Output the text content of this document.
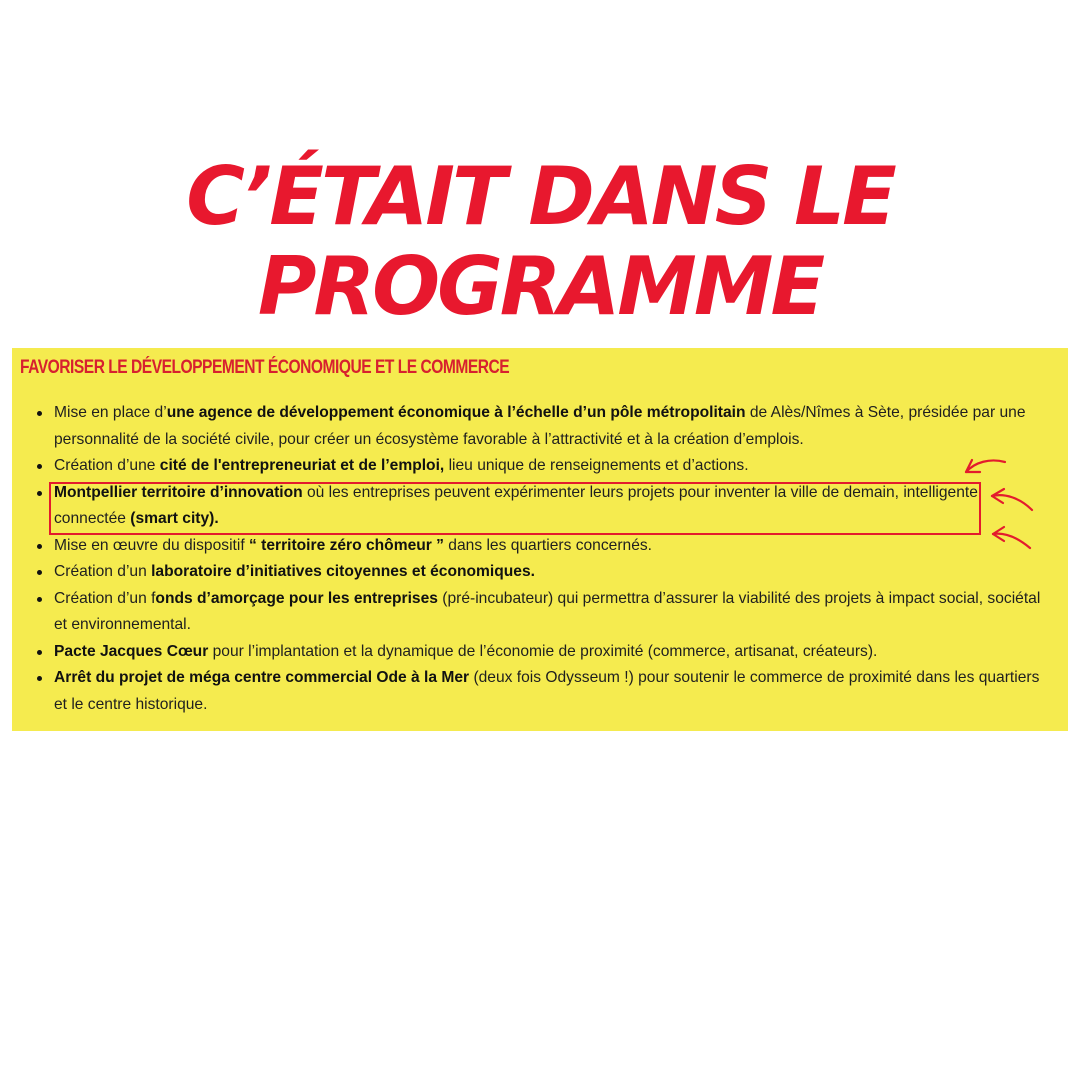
C’ÉTAIT DANS LE
PROGRAMME
FAVORISER LE DÉVELOPPEMENT ÉCONOMIQUE ET LE COMMERCE
Mise en place d’une agence de développement économique à l’échelle d’un pôle métropolitain de Alès/Nîmes à Sète, présidée par une personnalité de la société civile, pour créer un écosystème favorable à l’attractivité et à la création d’emplois.
Création d’une cité de l'entrepreneuriat et de l’emploi, lieu unique de renseignements et d’actions.
Montpellier territoire d’innovation où les entreprises peuvent expérimenter leurs projets pour inventer la ville de demain, intelligente, connectée (smart city).
Mise en œuvre du dispositif “ territoire zéro chômeur ” dans les quartiers concernés.
Création d’un laboratoire d’initiatives citoyennes et économiques.
Création d’un fonds d’amorçage pour les entreprises (pré-incubateur) qui permettra d’assurer la viabilité des projets à impact social, sociétal et environnemental.
Pacte Jacques Cœur pour l’implantation et la dynamique de l’économie de proximité (commerce, artisanat, créateurs).
Arrêt du projet de méga centre commercial Ode à la Mer (deux fois Odysseum !) pour soutenir le commerce de proximité dans les quartiers et le centre historique.
